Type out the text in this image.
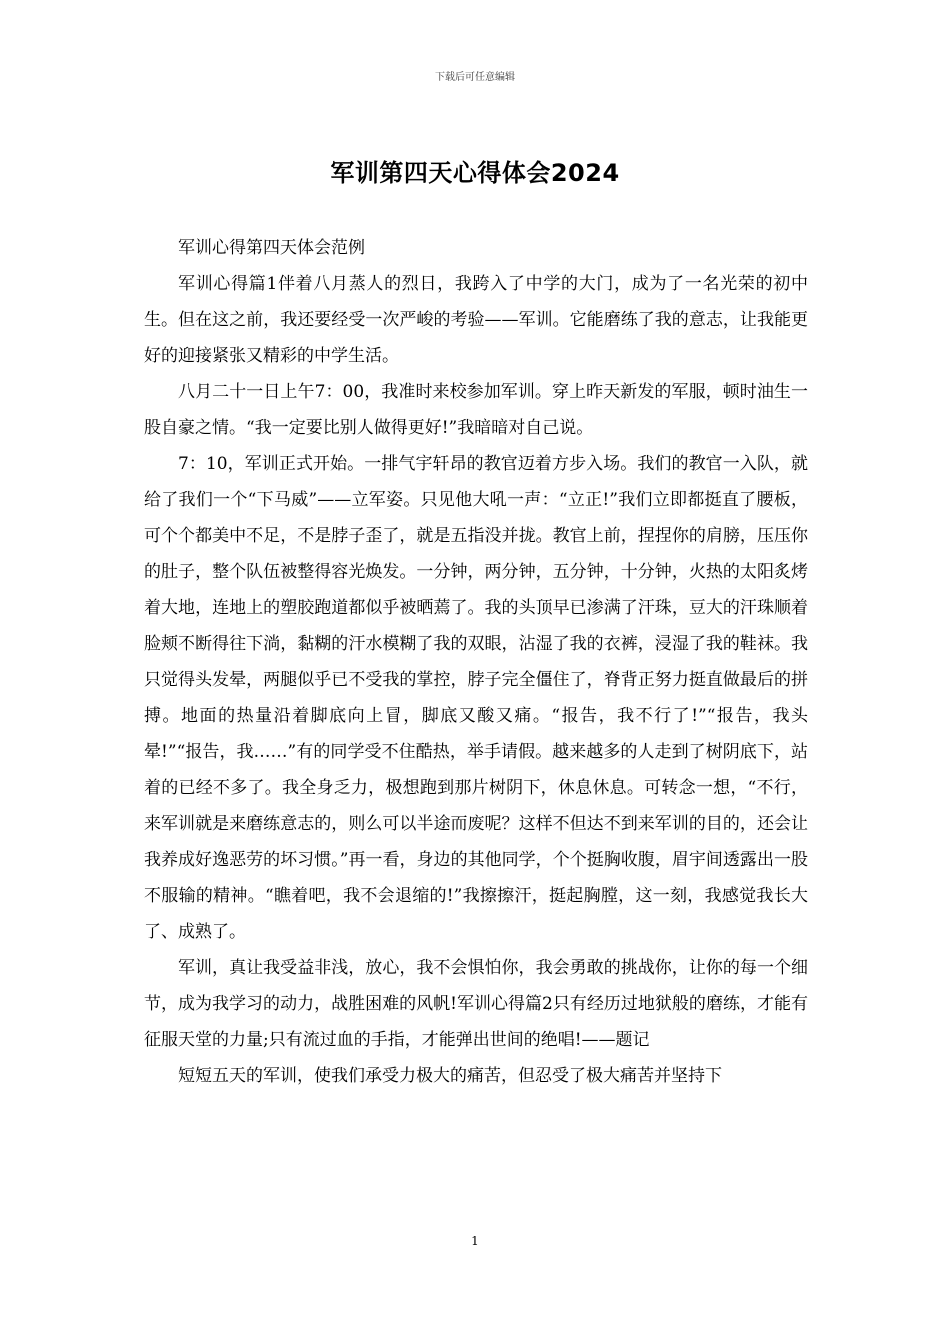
下载后可任意编辑
军训第四天心得体会2024

军训心得第四天体会范例

军训心得篇1伴着八月蒸人的烈日，我跨入了中学的大门，成为了一名光荣的初中生。但在这之前，我还要经受一次严峻的考验——军训。它能磨练了我的意志，让我能更好的迎接紧张又精彩的中学生活。

八月二十一日上午7：00，我准时来校参加军训。穿上昨天新发的军服，顿时油生一股自豪之情。“我一定要比别人做得更好!”我暗暗对自己说。

7：10，军训正式开始。一排气宇轩昂的教官迈着方步入场。我们的教官一入队，就给了我们一个“下马威”——立军姿。只见他大吼一声：“立正!”我们立即都挺直了腰板，可个个都美中不足，不是脖子歪了，就是五指没并拢。教官上前，捏捏你的肩膀，压压你的肚子，整个队伍被整得容光焕发。一分钟，两分钟，五分钟，十分钟，火热的太阳炙烤着大地，连地上的塑胶跑道都似乎被晒蔫了。我的头顶早已渗满了汗珠，豆大的汗珠顺着脸颊不断得往下淌，黏糊的汗水模糊了我的双眼，沾湿了我的衣裤，浸湿了我的鞋袜。我只觉得头发晕，两腿似乎已不受我的掌控，脖子完全僵住了，脊背正努力挺直做最后的拼搏。地面的热量沿着脚底向上冒，脚底又酸又痛。“报告，我不行了!”“报告，我头晕!”“报告，我……”有的同学受不住酷热，举手请假。越来越多的人走到了树阴底下，站着的已经不多了。我全身乏力，极想跑到那片树阴下，休息休息。可转念一想，“不行，来军训就是来磨练意志的，则么可以半途而废呢？这样不但达不到来军训的目的，还会让我养成好逸恶劳的坏习惯。”再一看，身边的其他同学，个个挺胸收腹，眉宇间透露出一股不服输的精神。“瞧着吧，我不会退缩的!”我擦擦汗，挺起胸膛，这一刻，我感觉我长大了、成熟了。

军训，真让我受益非浅，放心，我不会惧怕你，我会勇敢的挑战你，让你的每一个细节，成为我学习的动力，战胜困难的风帆!军训心得篇2只有经历过地狱般的磨练，才能有征服天堂的力量;只有流过血的手指，才能弹出世间的绝唱!——题记

短短五天的军训，使我们承受力极大的痛苦，但忍受了极大痛苦并坚持下

1
